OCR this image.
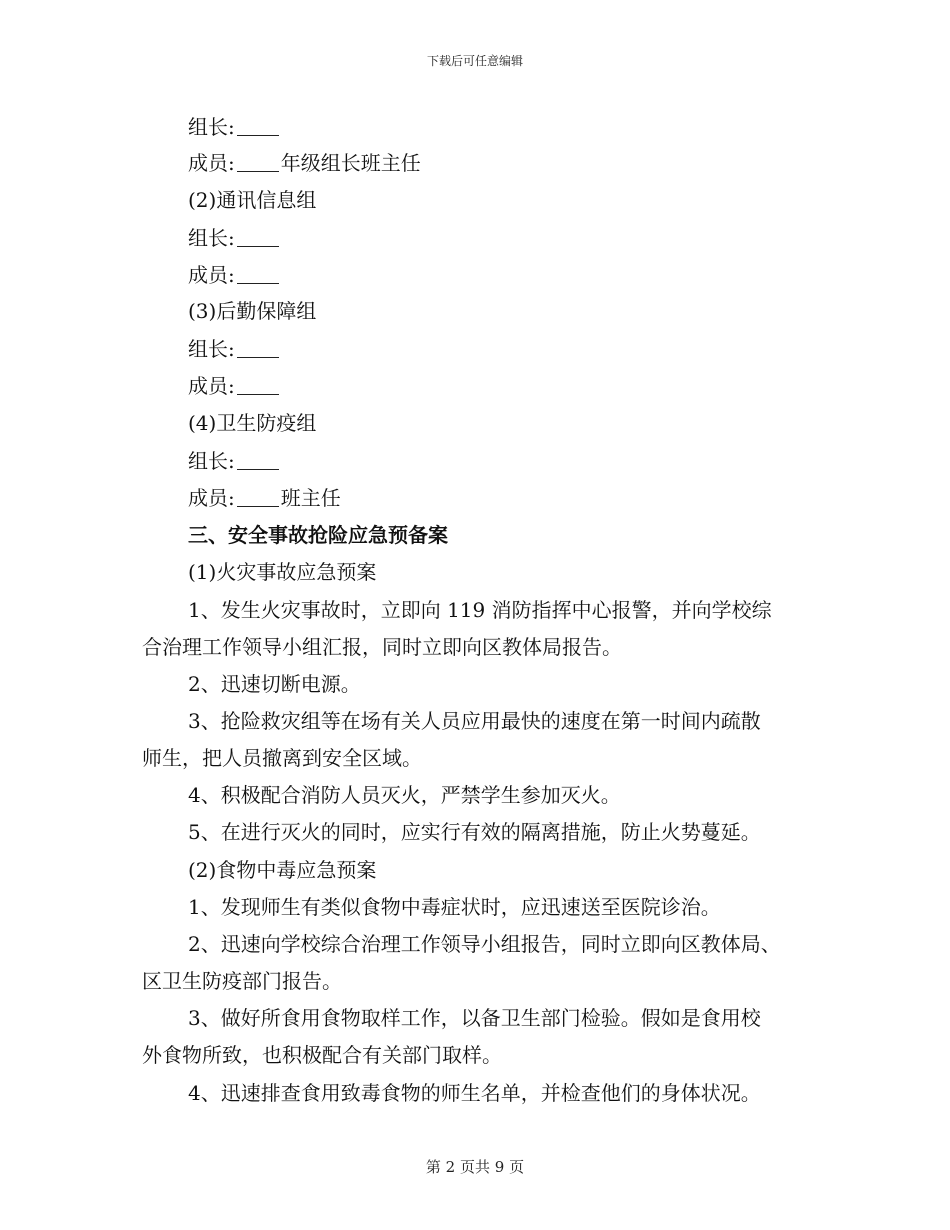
下载后可任意编辑
组长:
成员: 年级组长班主任
(2)通讯信息组
组长:
成员:
(3)后勤保障组
组长:
成员:
(4)卫生防疫组
组长:
成员: 班主任
三、安全事故抢险应急预备案
(1)火灾事故应急预案
1、发生火灾事故时，立即向 119 消防指挥中心报警，并向学校综
合治理工作领导小组汇报，同时立即向区教体局报告。
2、迅速切断电源。
3、抢险救灾组等在场有关人员应用最快的速度在第一时间内疏散
师生，把人员撤离到安全区域。
4、积极配合消防人员灭火，严禁学生参加灭火。
5、在进行灭火的同时，应实行有效的隔离措施，防止火势蔓延。
(2)食物中毒应急预案
1、发现师生有类似食物中毒症状时，应迅速送至医院诊治。
2、迅速向学校综合治理工作领导小组报告，同时立即向区教体局、
区卫生防疫部门报告。
3、做好所食用食物取样工作，以备卫生部门检验。假如是食用校
外食物所致，也积极配合有关部门取样。
4、迅速排查食用致毒食物的师生名单，并检查他们的身体状况。
第 2 页共 9 页
